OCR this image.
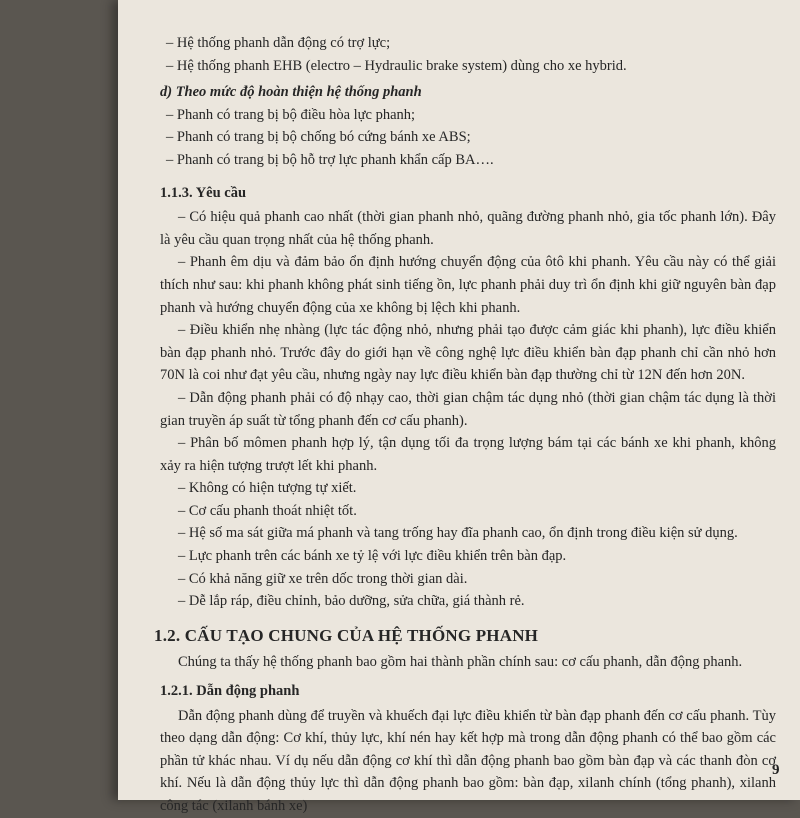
– Hệ thống phanh dẫn động có trợ lực;

– Hệ thống phanh EHB (electro – Hydraulic brake system) dùng cho xe hybrid.

d) Theo mức độ hoàn thiện hệ thống phanh

– Phanh có trang bị bộ điều hòa lực phanh;

– Phanh có trang bị bộ chống bó cứng bánh xe ABS;

– Phanh có trang bị bộ hỗ trợ lực phanh khẩn cấp BA….

1.1.3. Yêu cầu

– Có hiệu quả phanh cao nhất (thời gian phanh nhỏ, quãng đường phanh nhỏ, gia tốc phanh lớn). Đây là yêu cầu quan trọng nhất của hệ thống phanh.

– Phanh êm dịu và đảm bảo ổn định hướng chuyển động của ôtô khi phanh. Yêu cầu này có thể giải thích như sau: khi phanh không phát sinh tiếng ồn, lực phanh phải duy trì ổn định khi giữ nguyên bàn đạp phanh và hướng chuyển động của xe không bị lệch khi phanh.

– Điều khiển nhẹ nhàng (lực tác động nhỏ, nhưng phải tạo được cảm giác khi phanh), lực điều khiển bàn đạp phanh nhỏ. Trước đây do giới hạn về công nghệ lực điều khiển bàn đạp phanh chỉ cần nhỏ hơn 70N là coi như đạt yêu cầu, nhưng ngày nay lực điều khiển bàn đạp thường chỉ từ 12N đến hơn 20N.

– Dẫn động phanh phải có độ nhạy cao, thời gian chậm tác dụng nhỏ (thời gian chậm tác dụng là thời gian truyền áp suất từ tổng phanh đến cơ cấu phanh).

– Phân bố mômen phanh hợp lý, tận dụng tối đa trọng lượng bám tại các bánh xe khi phanh, không xảy ra hiện tượng trượt lết khi phanh.

– Không có hiện tượng tự xiết.

– Cơ cấu phanh thoát nhiệt tốt.

– Hệ số ma sát giữa má phanh và tang trống hay đĩa phanh cao, ổn định trong điều kiện sử dụng.

– Lực phanh trên các bánh xe tỷ lệ với lực điều khiển trên bàn đạp.

– Có khả năng giữ xe trên dốc trong thời gian dài.

– Dễ lắp ráp, điều chỉnh, bảo dưỡng, sửa chữa, giá thành rẻ.

1.2. CẤU TẠO CHUNG CỦA HỆ THỐNG PHANH

Chúng ta thấy hệ thống phanh bao gồm hai thành phần chính sau: cơ cấu phanh, dẫn động phanh.

1.2.1. Dẫn động phanh

Dẫn động phanh dùng để truyền và khuếch đại lực điều khiển từ bàn đạp phanh đến cơ cấu phanh. Tùy theo dạng dẫn động: Cơ khí, thủy lực, khí nén hay kết hợp mà trong dẫn động phanh có thể bao gồm các phần tử khác nhau. Ví dụ nếu dẫn động cơ khí thì dẫn động phanh bao gồm bàn đạp và các thanh đòn cơ khí. Nếu là dẫn động thủy lực thì dẫn động phanh bao gồm: bàn đạp, xilanh chính (tổng phanh), xilanh công tác (xilanh bánh xe)

9
